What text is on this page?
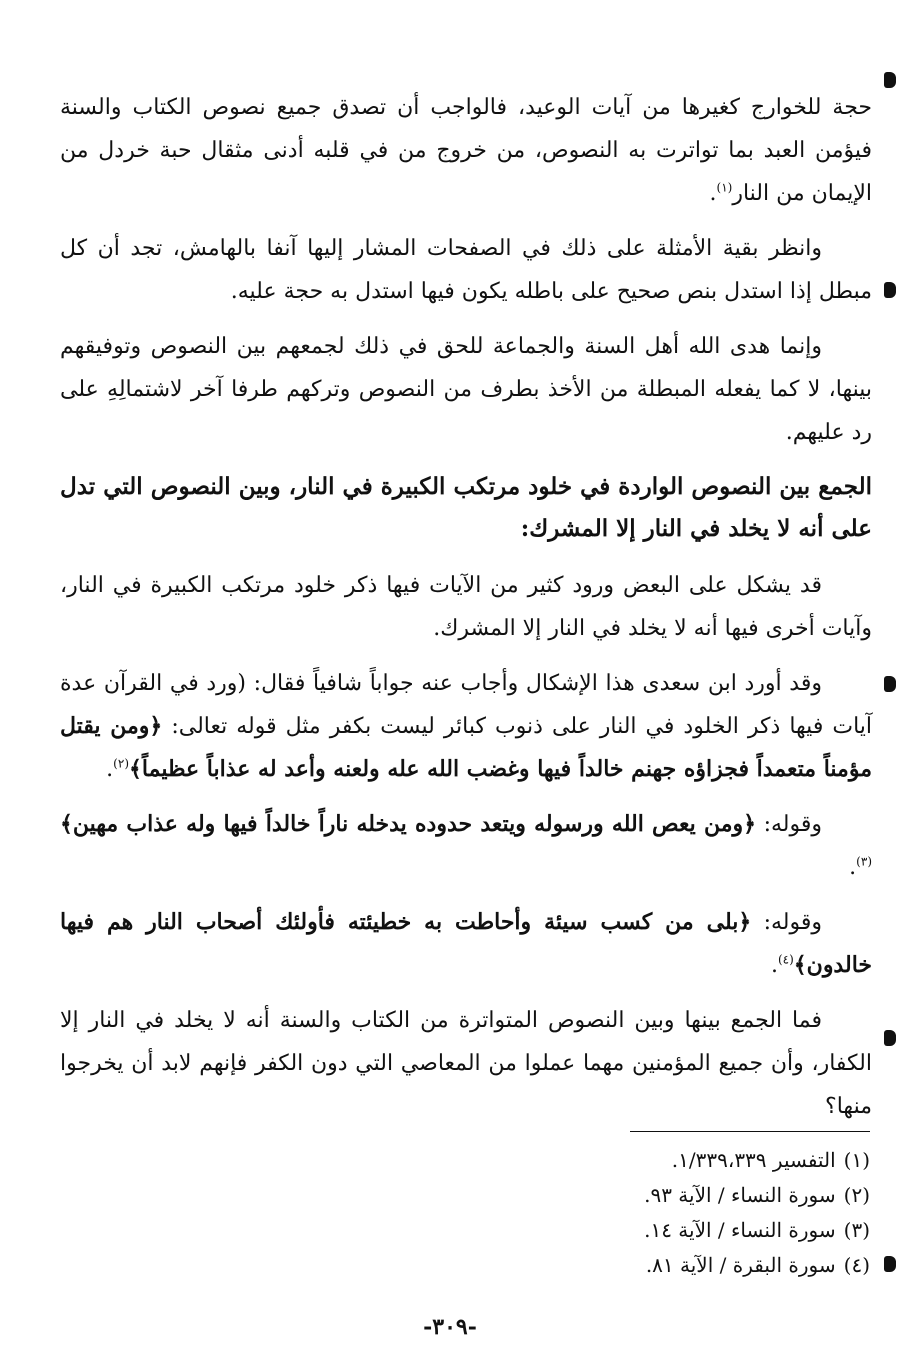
حجة للخوارج كغيرها من آيات الوعيد، فالواجب أن تصدق جميع نصوص الكتاب والسنة فيؤمن العبد بما تواترت به النصوص، من خروج من في قلبه أدنى مثقال حبة خردل من الإيمان من النار$^{(١)}$.

وانظر بقية الأمثلة على ذلك في الصفحات المشار إليها آنفا بالهامش، تجد أن كل مبطل إذا استدل بنص صحيح على باطله يكون فيها استدل به حجة عليه.

وإنما هدى الله أهل السنة والجماعة للحق في ذلك لجمعهم بين النصوص وتوفيقهم بينها، لا كما يفعله المبطلة من الأخذ بطرف من النصوص وتركهم طرفا آخر لاشتمالِهِ على رد عليهم.

الجمع بين النصوص الواردة في خلود مرتكب الكبيرة في النار، وبين النصوص التي تدل على أنه لا يخلد في النار إلا المشرك:

قد يشكل على البعض ورود كثير من الآيات فيها ذكر خلود مرتكب الكبيرة في النار، وآيات أخرى فيها أنه لا يخلد في النار إلا المشرك.

وقد أورد ابن سعدى هذا الإشكال وأجاب عنه جواباً شافياً فقال: (ورد في القرآن عدة آيات فيها ذكر الخلود في النار على ذنوب كبائر ليست بكفر مثل قوله تعالى: ﴿ومن يقتل مؤمناً متعمداً فجزاؤه جهنم خالداً فيها وغضب الله عله ولعنه وأعد له عذاباً عظيماً﴾$^{(٢)}$.

وقوله: ﴿ومن يعص الله ورسوله ويتعد حدوده يدخله ناراً خالداً فيها وله عذاب مهين﴾$^{(٣)}$.

وقوله: ﴿بلى من كسب سيئة وأحاطت به خطيئته فأولئك أصحاب النار هم فيها خالدون﴾$^{(٤)}$.

فما الجمع بينها وبين النصوص المتواترة من الكتاب والسنة أنه لا يخلد في النار إلا الكفار، وأن جميع المؤمنين مهما عملوا من المعاصي التي دون الكفر فإنهم لابد أن يخرجوا منها؟

(١)التفسير ١/٣٣٩،٣٣٩.
(٢)سورة النساء / الآية ٩٣.
(٣)سورة النساء / الآية ١٤.
(٤)سورة البقرة / الآية ٨١.
-٣٠٩-
